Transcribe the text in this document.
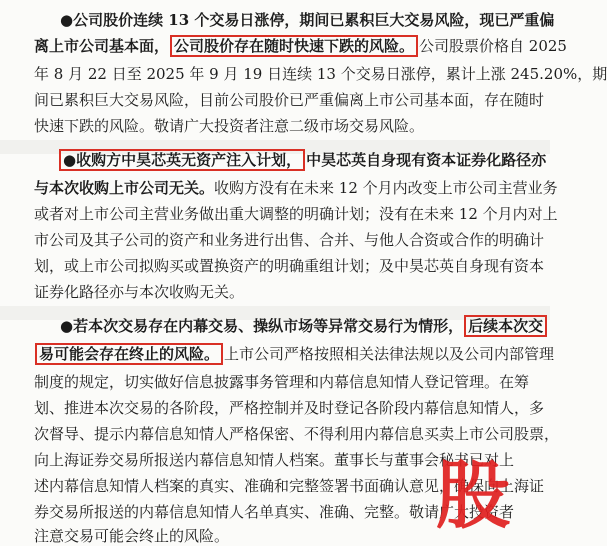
●公司股价连续 13 个交易日涨停，期间已累积巨大交易风险，现已严重偏
离上市公司基本面， 公司股价存在随时快速下跌的风险。 公司股票价格自 2025
年 8 月 22 日至 2025 年 9 月 19 日连续 13 个交易日涨停，累计上涨 245.20%，期
间已累积巨大交易风险，目前公司股价已严重偏离上市公司基本面，存在随时
快速下跌的风险。敬请广大投资者注意二级市场交易风险。
●收购方中昊芯英无资产注入计划， 中昊芯英自身现有资本证券化路径亦
与本次收购上市公司无关。收购方没有在未来 12 个月内改变上市公司主营业务
或者对上市公司主营业务做出重大调整的明确计划；没有在未来 12 个月内对上
市公司及其子公司的资产和业务进行出售、合并、与他人合资或合作的明确计
划，或上市公司拟购买或置换资产的明确重组计划；及中昊芯英自身现有资本
证券化路径亦与本次收购无关。
●若本次交易存在内幕交易、操纵市场等异常交易行为情形， 后续本次交
易可能会存在终止的风险。 上市公司严格按照相关法律法规以及公司内部管理
制度的规定，切实做好信息披露事务管理和内幕信息知情人登记管理。在筹
划、推进本次交易的各阶段，严格控制并及时登记各阶段内幕信息知情人，多
次督导、提示内幕信息知情人严格保密、不得利用内幕信息买卖上市公司股票，
向上海证券交易所报送内幕信息知情人档案。董事长与董事会秘书已对上
述内幕信息知情人档案的真实、准确和完整签署书面确认意见，确保向上海证
券交易所报送的内幕信息知情人名单真实、准确、完整。敬请广大投资者
注意交易可能会终止的风险。	股
